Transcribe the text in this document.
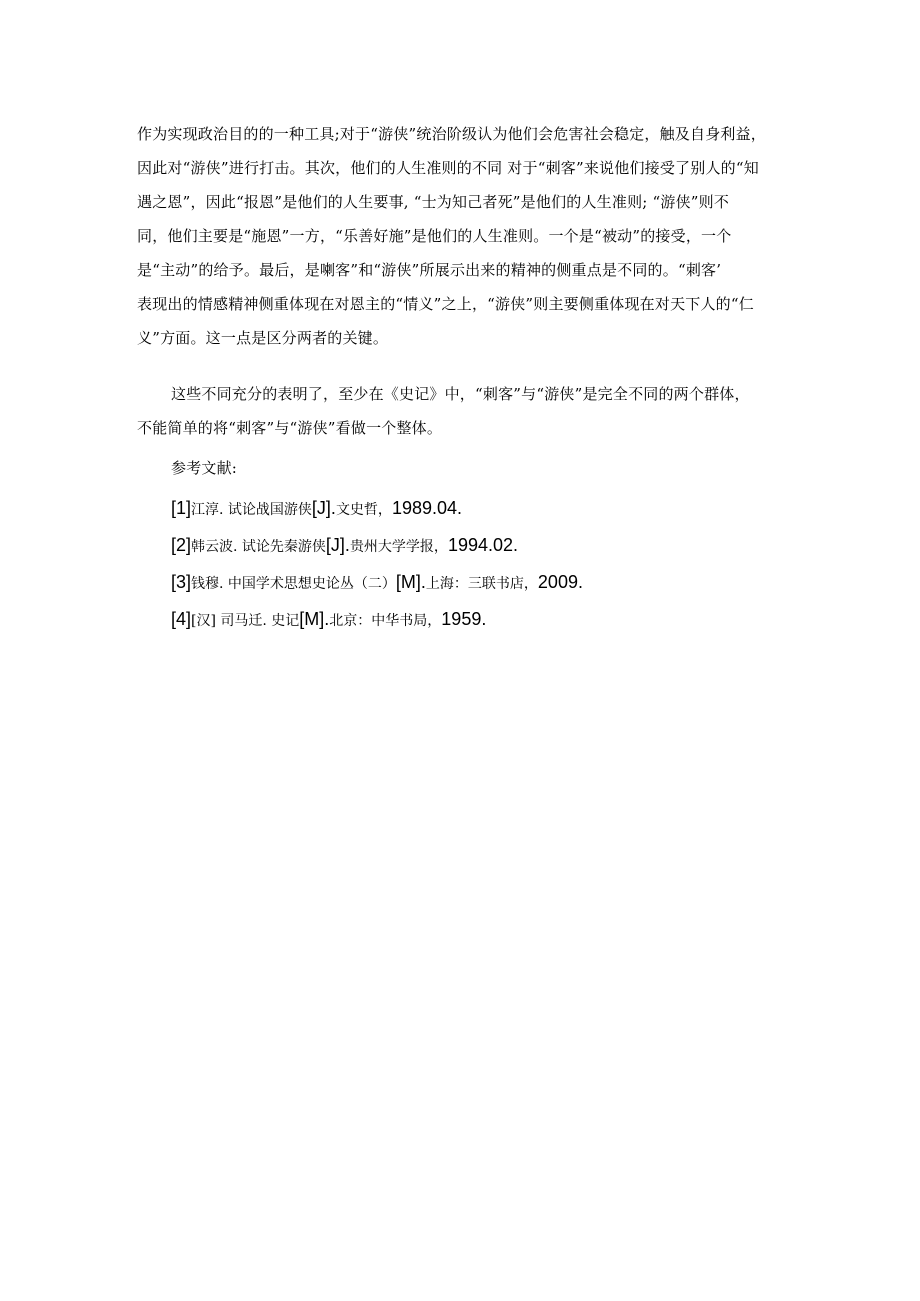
作为实现政治目的的一种工具;对于“游侠”统治阶级认为他们会危害社会稳定，触及自身利益，
因此对“游侠”进行打击。其次，他们的人生准则的不同 对于“刺客”来说他们接受了别人的“知
遇之恩”，因此“报恩”是他们的人生要事, “士为知己者死”是他们的人生准则; “游侠”则不
同，他们主要是“施恩”一方，“乐善好施”是他们的人生准则。一个是“被动”的接受，一个
是“主动”的给予。最后，是喇客”和“游侠”所展示出来的精神的侧重点是不同的。“刺客’
表现出的情感精神侧重体现在对恩主的“情义”之上，“游侠”则主要侧重体现在对天下人的“仁
义”方面。这一点是区分两者的关键。
这些不同充分的表明了，至少在《史记》中，“刺客”与“游侠”是完全不同的两个群体，
不能简单的将“刺客”与“游侠”看做一个整体。
参考文献:
[1]江淳. 试论战国游侠[J].文史哲，1989.04.
[2]韩云波. 试论先秦游侠[J].贵州大学学报，1994.02.
[3]钱穆. 中国学术思想史论丛（二）[M].上海：三联书店，2009.
[4][汉] 司马迁. 史记[M].北京：中华书局，1959.
